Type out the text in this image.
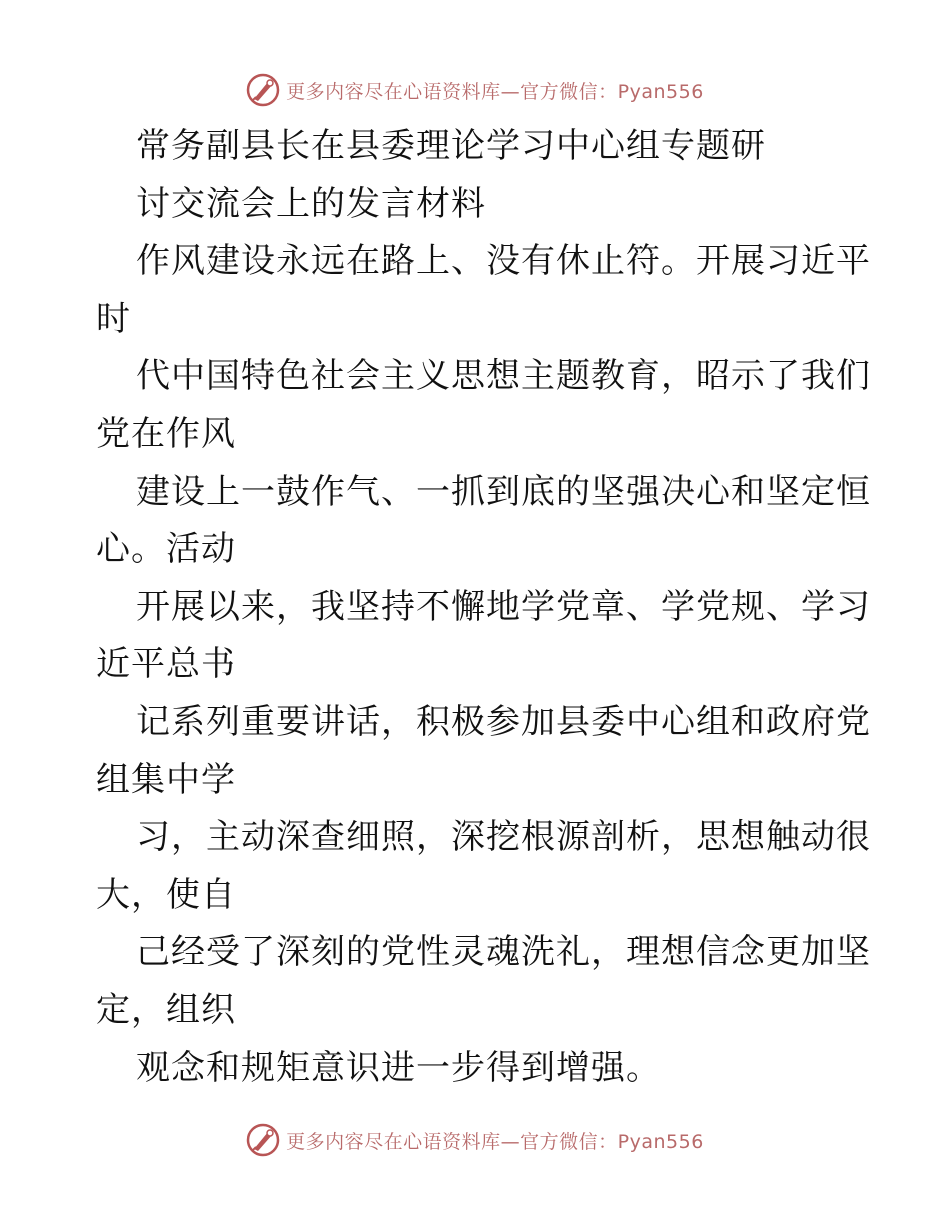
更多内容尽在心语资料库—官方微信：Pyan556
常务副县长在县委理论学习中心组专题研
讨交流会上的发言材料
作风建设永远在路上、没有休止符。开展习近平
时
代中国特色社会主义思想主题教育，昭示了我们
党在作风
建设上一鼓作气、一抓到底的坚强决心和坚定恒
心。活动
开展以来，我坚持不懈地学党章、学党规、学习
近平总书
记系列重要讲话，积极参加县委中心组和政府党
组集中学
习，主动深查细照，深挖根源剖析，思想触动很
大，使自
己经受了深刻的党性灵魂洗礼，理想信念更加坚
定，组织
观念和规矩意识进一步得到增强。
更多内容尽在心语资料库—官方微信：Pyan556
